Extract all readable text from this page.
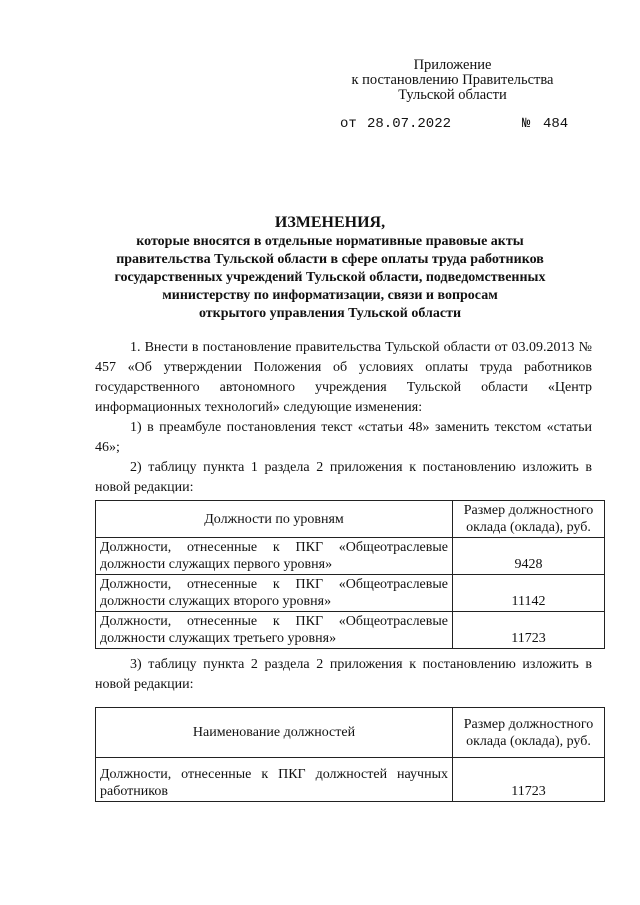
Приложение
к постановлению Правительства
Тульской области
от 28.07.2022	№ 484
ИЗМЕНЕНИЯ,
которые вносятся в отдельные нормативные правовые акты
правительства Тульской области в сфере оплаты труда работников
государственных учреждений Тульской области, подведомственных
министерству по информатизации, связи и вопросам
открытого управления Тульской области
1. Внести в постановление правительства Тульской области от 03.09.2013 № 457 «Об утверждении Положения об условиях оплаты труда работников государственного автономного учреждения Тульской области «Центр информационных технологий» следующие изменения:
1) в преамбуле постановления текст «статьи 48» заменить текстом «статьи 46»;
2) таблицу пункта 1 раздела 2 приложения к постановлению изложить в новой редакции:
Должности по уровням	Размер должностного оклада (оклада), руб.
Должности, отнесенные к ПКГ «Общеотраслевые должности служащих первого уровня»	9428
Должности, отнесенные к ПКГ «Общеотраслевые должности служащих второго уровня»	11142
Должности, отнесенные к ПКГ «Общеотраслевые должности служащих третьего уровня»	11723
3) таблицу пункта 2 раздела 2 приложения к постановлению изложить в новой редакции:
Наименование должностей	Размер должностного оклада (оклада), руб.
Должности, отнесенные к ПКГ должностей научных работников	11723
